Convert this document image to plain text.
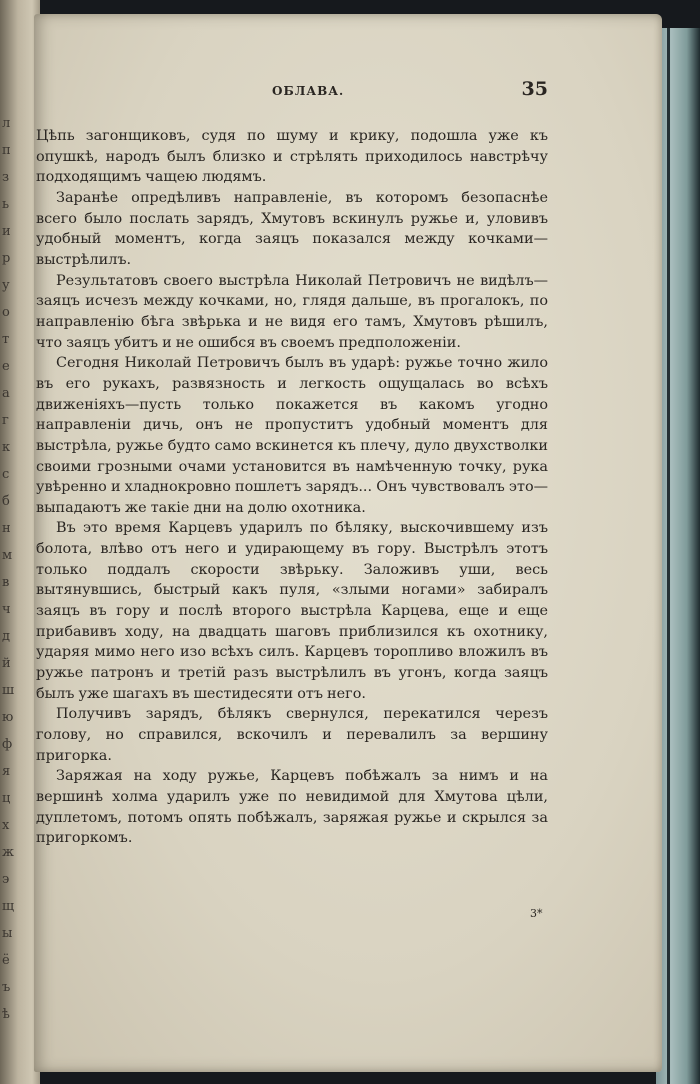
л
п
з
ь
и
р
у
о
т
е
а
г
к
с
б
н
м
в
ч
д
й
ш
ю
ф
я
ц
х
ж
э
щ
ы
ё
ъ
ѣ
ОБЛАВА.	35

Цѣпь загонщиковъ, судя по шуму и крику, подошла уже къ опушкѣ, народъ былъ близко и стрѣлять приходилось навстрѣчу подходящимъ чащею людямъ.

Заранѣе опредѣливъ направленіе, въ которомъ безопаснѣе всего было послать зарядъ, Хмутовъ вскинулъ ружье и, уловивъ удобный моментъ, когда заяцъ показался между кочками—выстрѣлилъ.

Результатовъ своего выстрѣла Николай Петровичъ не видѣлъ—заяцъ исчезъ между кочками, но, глядя дальше, въ прогалокъ, по направленію бѣга звѣрька и не видя его тамъ, Хмутовъ рѣшилъ, что заяцъ убитъ и не ошибся въ своемъ предположеніи.

Сегодня Николай Петровичъ былъ въ ударѣ: ружье точно жило въ его рукахъ, развязность и легкость ощущалась во всѣхъ движеніяхъ—пусть только покажется въ какомъ угодно направленіи дичь, онъ не пропуститъ удобный моментъ для выстрѣла, ружье будто само вскинется къ плечу, дуло двухстволки своими грозными очами установится въ намѣченную точку, рука увѣренно и хладнокровно пошлетъ зарядъ... Онъ чувствовалъ это—выпадаютъ же такіе дни на долю охотника.

Въ это время Карцевъ ударилъ по бѣляку, выскочившему изъ болота, влѣво отъ него и удирающему въ гору. Выстрѣлъ этотъ только поддалъ скорости звѣрьку. Заложивъ уши, весь вытянувшись, быстрый какъ пуля, «злыми ногами» забиралъ заяцъ въ гору и послѣ второго выстрѣла Карцева, еще и еще прибавивъ ходу, на двадцать шаговъ приблизился къ охотнику, ударяя мимо него изо всѣхъ силъ. Карцевъ торопливо вложилъ въ ружье патронъ и третій разъ выстрѣлилъ въ угонъ, когда заяцъ былъ уже шагахъ въ шестидесяти отъ него.

Получивъ зарядъ, бѣлякъ свернулся, перекатился черезъ голову, но справился, вскочилъ и перевалилъ за вершину пригорка.

Заряжая на ходу ружье, Карцевъ побѣжалъ за нимъ и на вершинѣ холма ударилъ уже по невидимой для Хмутова цѣли, дуплетомъ, потомъ опять побѣжалъ, заряжая ружье и скрылся за пригоркомъ.

3*
